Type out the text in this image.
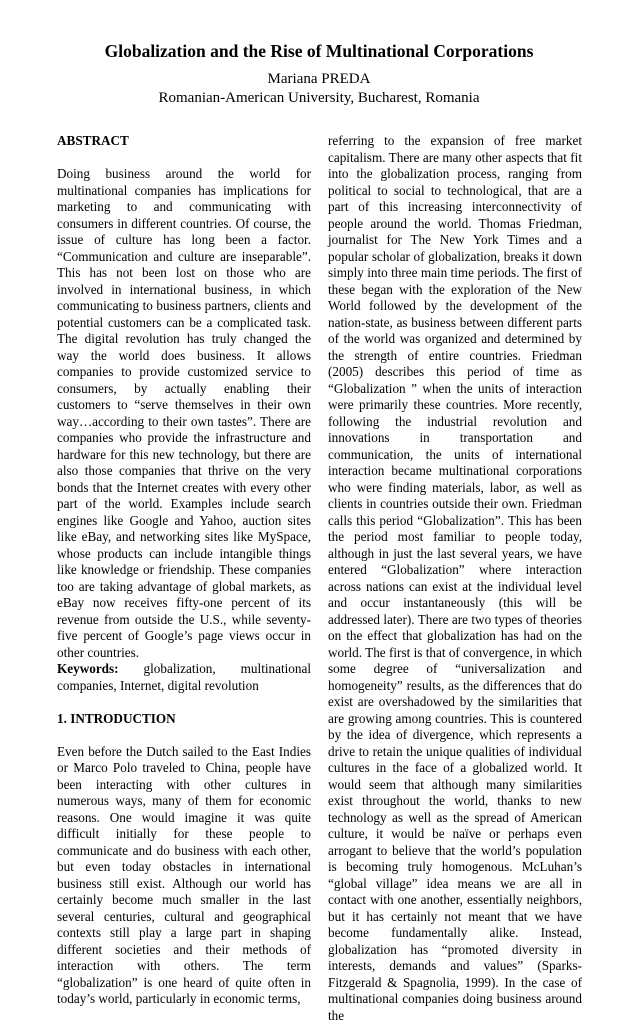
Globalization and the Rise of Multinational Corporations
Mariana PREDA
Romanian-American University, Bucharest, Romania

ABSTRACT

Doing business around the world for multinational companies has implications for marketing to and communicating with consumers in different countries. Of course, the issue of culture has long been a factor. “Communication and culture are inseparable”. This has not been lost on those who are involved in international business, in which communicating to business partners, clients and potential customers can be a complicated task. The digital revolution has truly changed the way the world does business. It allows companies to provide customized service to consumers, by actually enabling their customers to “serve themselves in their own way…according to their own tastes”. There are companies who provide the infrastructure and hardware for this new technology, but there are also those companies that thrive on the very bonds that the Internet creates with every other part of the world. Examples include search engines like Google and Yahoo, auction sites like eBay, and networking sites like MySpace, whose products can include intangible things like knowledge or friendship. These companies too are taking advantage of global markets, as eBay now receives fifty-one percent of its revenue from outside the U.S., while seventy-five percent of Google’s page views occur in other countries.

Keywords: globalization, multinational companies, Internet, digital revolution

1. INTRODUCTION

Even before the Dutch sailed to the East Indies or Marco Polo traveled to China, people have been interacting with other cultures in numerous ways, many of them for economic reasons. One would imagine it was quite difficult initially for these people to communicate and do business with each other, but even today obstacles in international business still exist. Although our world has certainly become much smaller in the last several centuries, cultural and geographical contexts still play a large part in shaping different societies and their methods of interaction with others. The term “globalization” is one heard of quite often in today’s world, particularly in economic terms,

referring to the expansion of free market capitalism. There are many other aspects that fit into the globalization process, ranging from political to social to technological, that are a part of this increasing interconnectivity of people around the world. Thomas Friedman, journalist for The New York Times and a popular scholar of globalization, breaks it down simply into three main time periods. The first of these began with the exploration of the New World followed by the development of the nation-state, as business between different parts of the world was organized and determined by the strength of entire countries. Friedman (2005) describes this period of time as “Globalization ” when the units of interaction were primarily these countries. More recently, following the industrial revolution and innovations in transportation and communication, the units of international interaction became multinational corporations who were finding materials, labor, as well as clients in countries outside their own. Friedman calls this period “Globalization”. This has been the period most familiar to people today, although in just the last several years, we have entered “Globalization” where interaction across nations can exist at the individual level and occur instantaneously (this will be addressed later). There are two types of theories on the effect that globalization has had on the world. The first is that of convergence, in which some degree of “universalization and homogeneity” results, as the differences that do exist are overshadowed by the similarities that are growing among countries. This is countered by the idea of divergence, which represents a drive to retain the unique qualities of individual cultures in the face of a globalized world. It would seem that although many similarities exist throughout the world, thanks to new technology as well as the spread of American culture, it would be naïve or perhaps even arrogant to believe that the world’s population is becoming truly homogenous. McLuhan’s “global village” idea means we are all in contact with one another, essentially neighbors, but it has certainly not meant that we have become fundamentally alike. Instead, globalization has “promoted diversity in interests, demands and values” (Sparks-Fitzgerald & Spagnolia, 1999). In the case of multinational companies doing business around the
